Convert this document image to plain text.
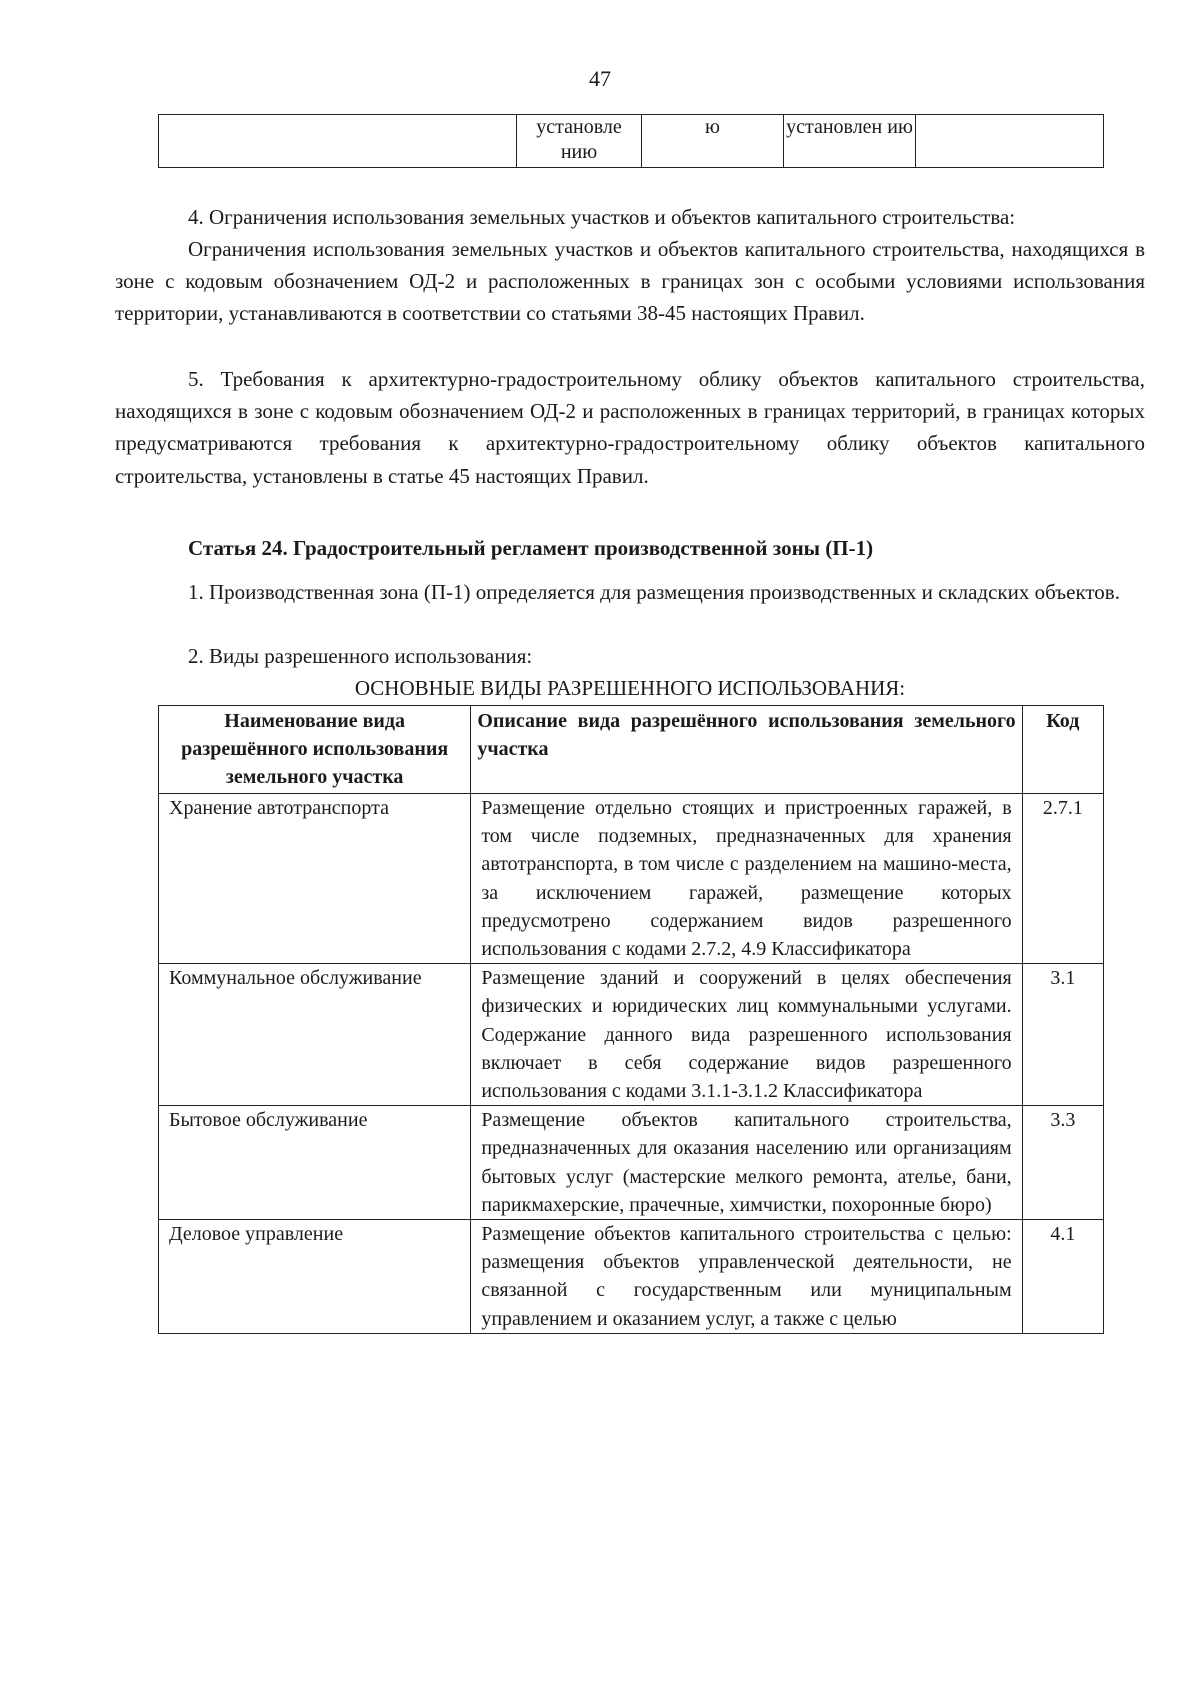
47
	установле нию	ю	установлен ию	

4. Ограничения использования земельных участков и объектов капитального строительства:

Ограничения использования земельных участков и объектов капитального строительства, находящихся в зоне с кодовым обозначением ОД-2 и расположенных в границах зон с особыми условиями использования территории, устанавливаются в соответствии со статьями 38-45 настоящих Правил.

5. Требования к архитектурно-градостроительному облику объектов капитального строительства, находящихся в зоне с кодовым обозначением ОД-2 и расположенных в границах территорий, в границах которых предусматриваются требования к архитектурно-градостроительному облику объектов капитального строительства, установлены в статье 45 настоящих Правил.

Статья 24. Градостроительный регламент производственной зоны (П-1)

1. Производственная зона (П-1) определяется для размещения производственных и складских объектов.

2. Виды разрешенного использования:

ОСНОВНЫЕ ВИДЫ РАЗРЕШЕННОГО ИСПОЛЬЗОВАНИЯ:
Наименование вида разрешённого использования земельного участка	Описание вида разрешённого использования земельного участка	Код
Хранение автотранспорта	Размещение отдельно стоящих и пристроенных гаражей, в том числе подземных, предназначенных для хранения автотранспорта, в том числе с разделением на машино-места, за исключением гаражей, размещение которых предусмотрено содержанием видов разрешенного использования с кодами 2.7.2, 4.9 Классификатора	2.7.1
Коммунальное обслуживание	Размещение зданий и сооружений в целях обеспечения физических и юридических лиц коммунальными услугами. Содержание данного вида разрешенного использования включает в себя содержание видов разрешенного использования с кодами 3.1.1-3.1.2 Классификатора	3.1
Бытовое обслуживание	Размещение объектов капитального строительства, предназначенных для оказания населению или организациям бытовых услуг (мастерские мелкого ремонта, ателье, бани, парикмахерские, прачечные, химчистки, похоронные бюро)	3.3
Деловое управление	Размещение объектов капитального строительства с целью: размещения объектов управленческой деятельности, не связанной с государственным или муниципальным управлением и оказанием услуг, а также с целью	4.1
